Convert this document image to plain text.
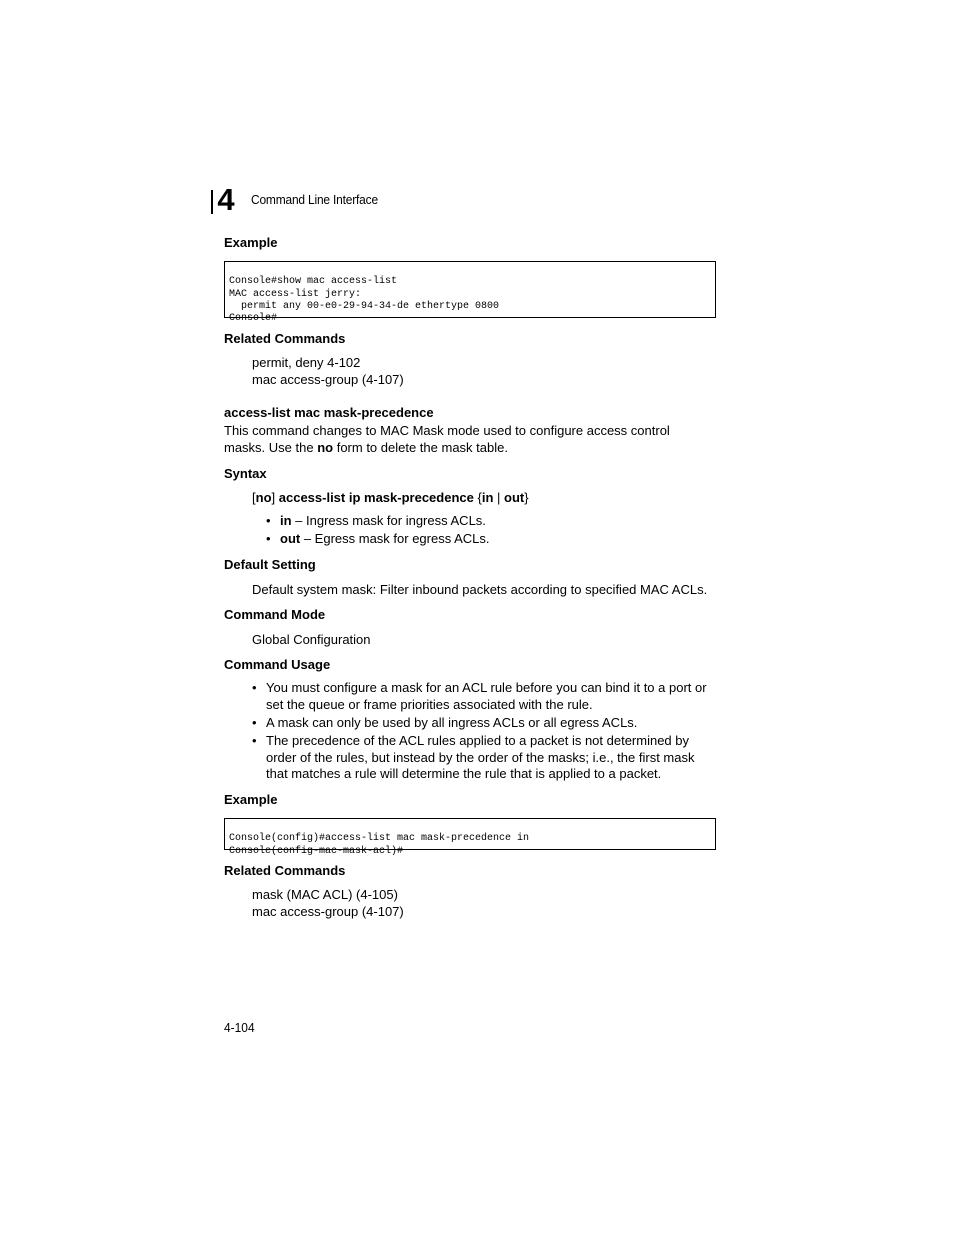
4	Command Line Interface
Example

Console#show mac access-list
MAC access-list jerry:
permit any 00-e0-29-94-34-de ethertype 0800
Console#

Related Commands
permit, deny 4-102
mac access-group (4-107)
access-list mac mask-precedence
This command changes to MAC Mask mode used to configure access control
masks. Use the no form to delete the mask table.
Syntax
[no] access-list ip mask-precedence {in | out}
• in – Ingress mask for ingress ACLs.
• out – Egress mask for egress ACLs.
Default Setting
Default system mask: Filter inbound packets according to specified MAC ACLs.
Command Mode
Global Configuration
Command Usage
• You must configure a mask for an ACL rule before you can bind it to a port or
set the queue or frame priorities associated with the rule.
• A mask can only be used by all ingress ACLs or all egress ACLs.
• The precedence of the ACL rules applied to a packet is not determined by
order of the rules, but instead by the order of the masks; i.e., the first mask
that matches a rule will determine the rule that is applied to a packet.
Example

Console(config)#access-list mac mask-precedence in
Console(config-mac-mask-acl)#

Related Commands
mask (MAC ACL) (4-105)
mac access-group (4-107)
4-104
